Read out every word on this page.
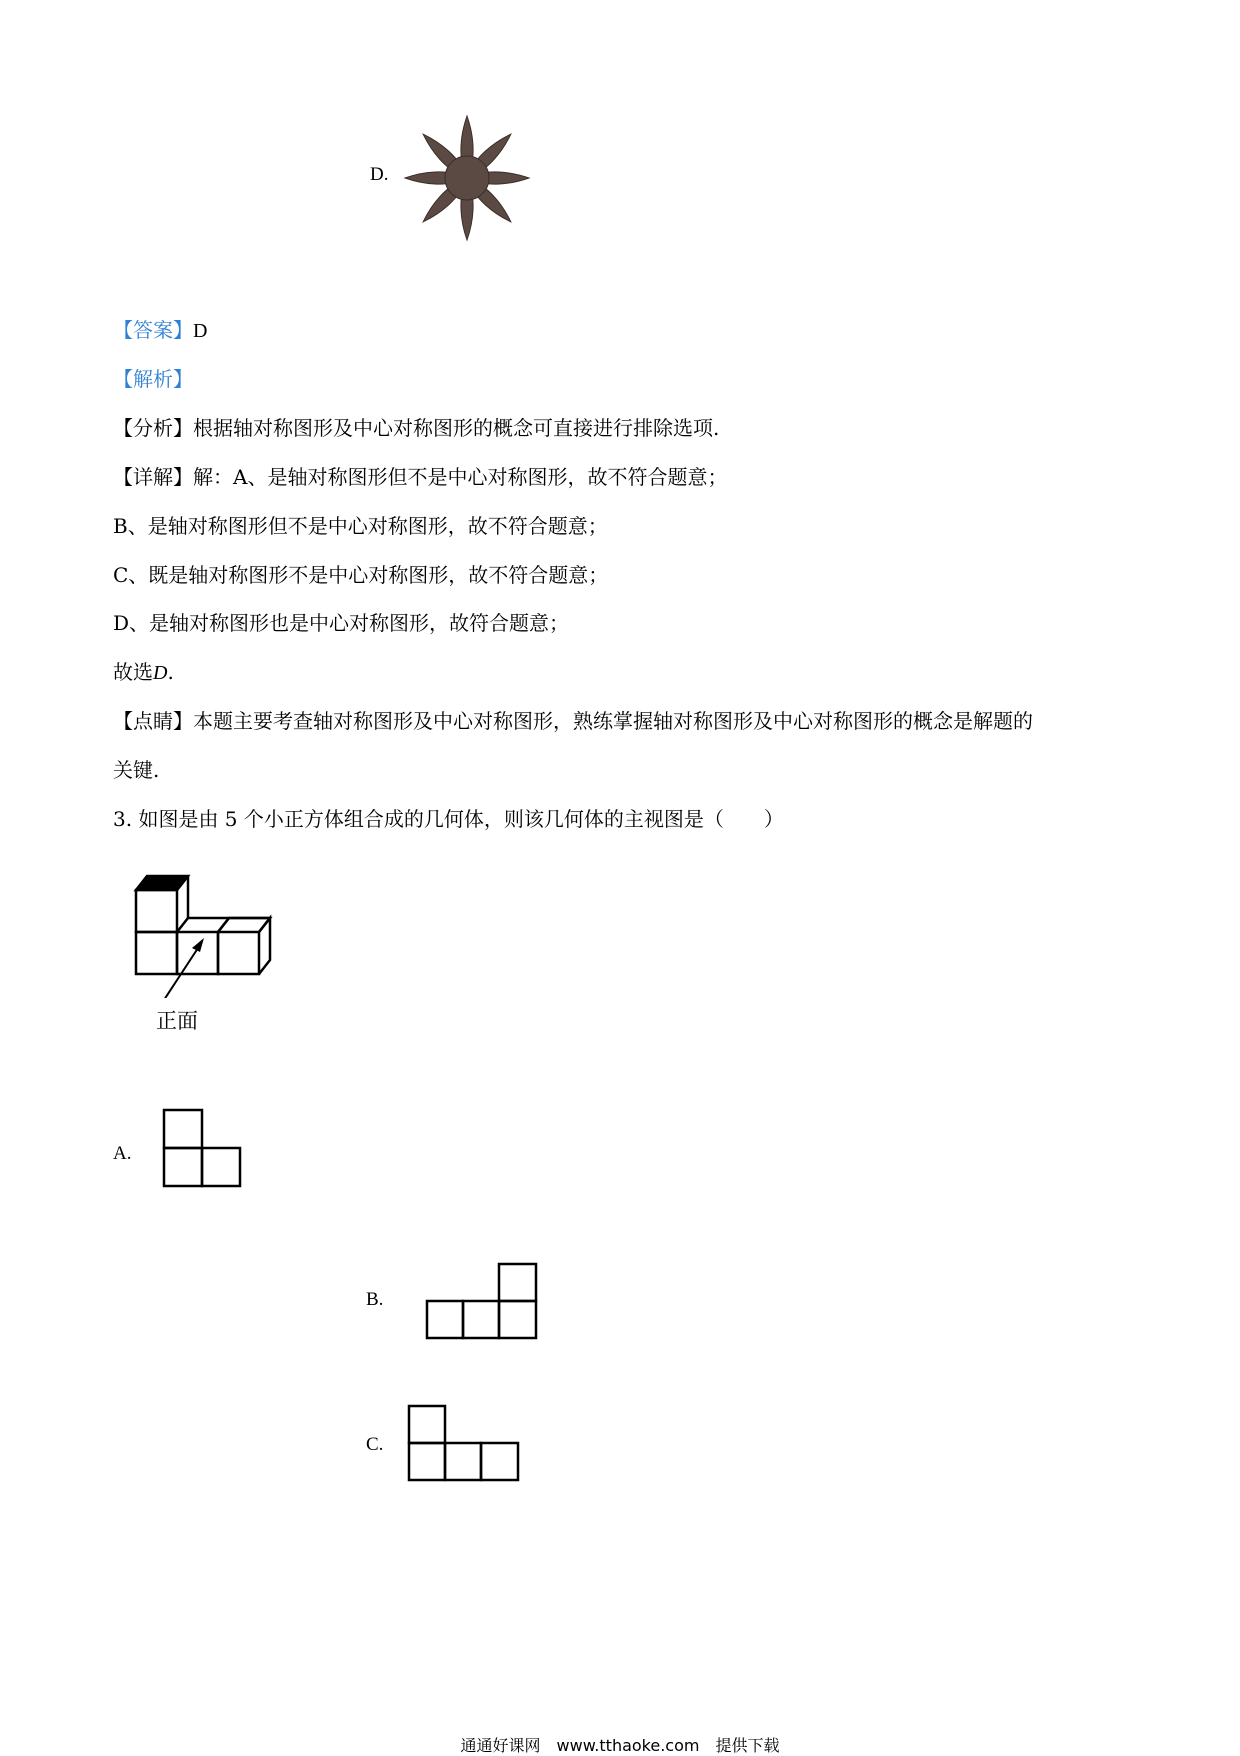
D.
【答案】D
【解析】
【分析】根据轴对称图形及中心对称图形的概念可直接进行排除选项.
【详解】解：A、是轴对称图形但不是中心对称图形，故不符合题意；
B、是轴对称图形但不是中心对称图形，故不符合题意；
C、既是轴对称图形不是中心对称图形，故不符合题意；
D、是轴对称图形也是中心对称图形，故符合题意；
故选D.
【点睛】本题主要考查轴对称图形及中心对称图形，熟练掌握轴对称图形及中心对称图形的概念是解题的
关键.
3. 如图是由 5 个小正方体组合成的几何体，则该几何体的主视图是（　　）
正面
A.
B.
C.
通通好课网　www.tthaoke.com　提供下载
